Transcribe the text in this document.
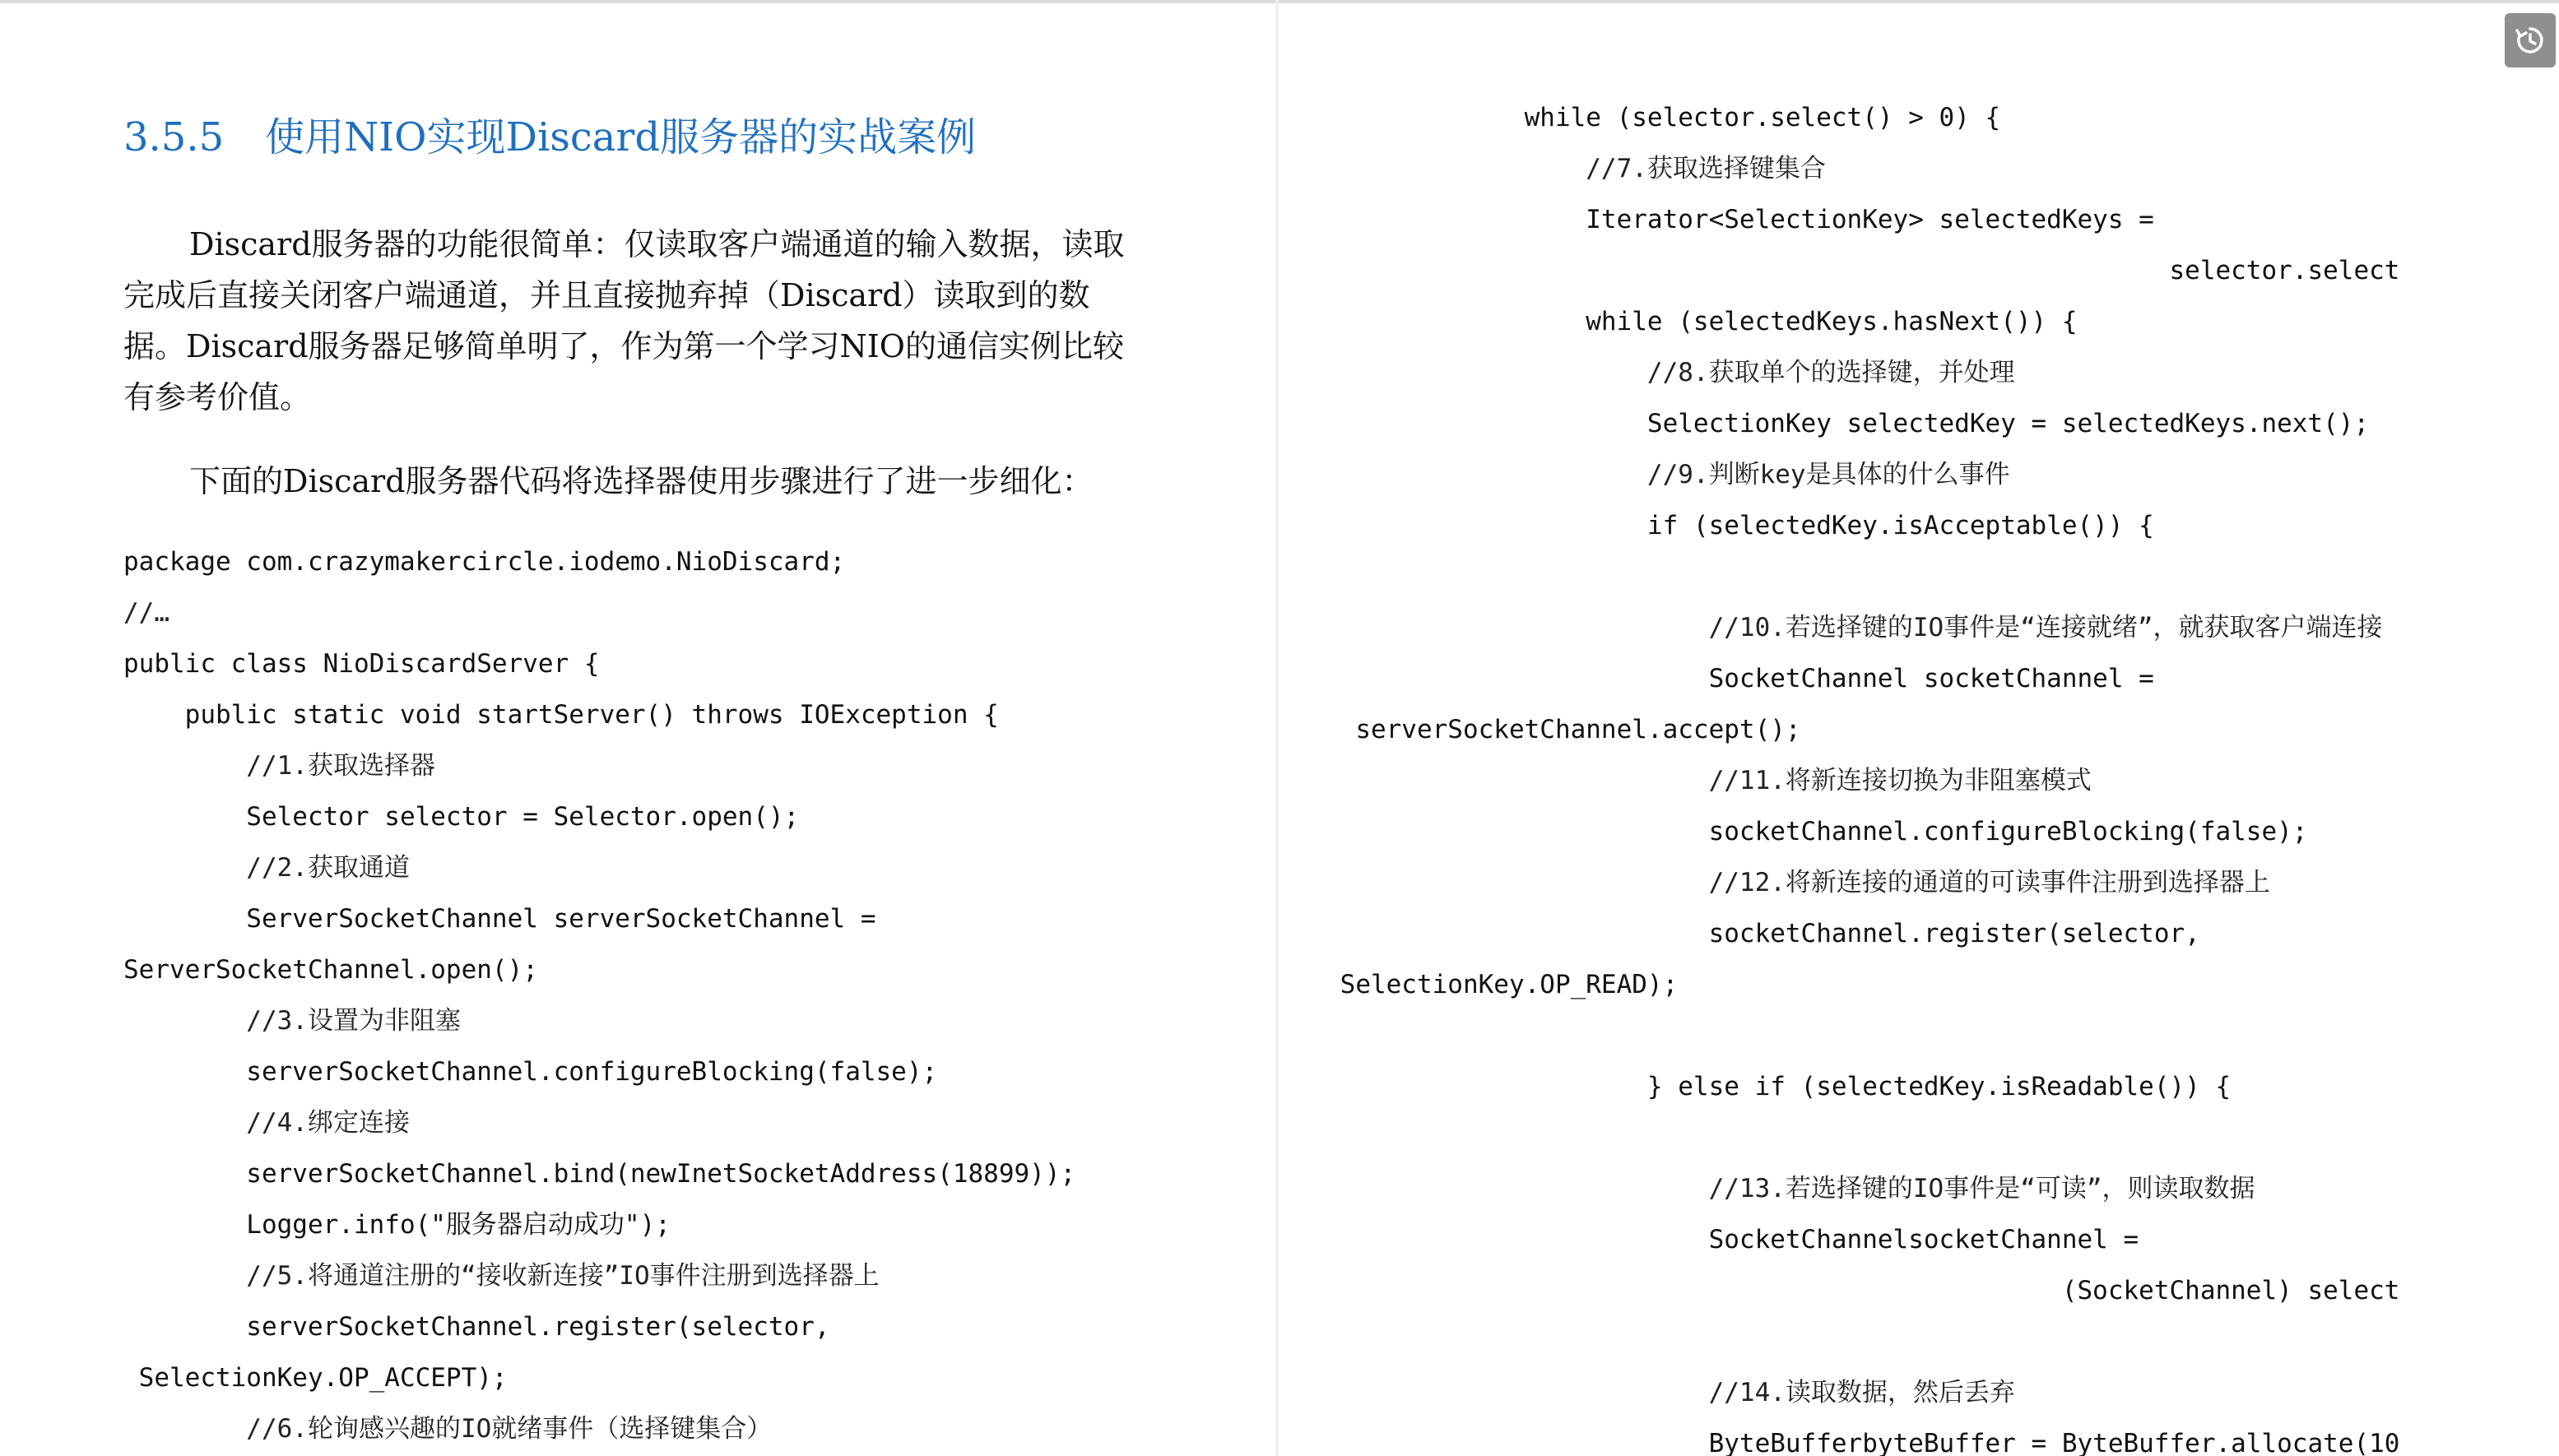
3.5.5 使用NIO实现Discard服务器的实战案例
Discard服务器的功能很简单：仅读取客户端通道的输入数据，读取
完成后直接关闭客户端通道，并且直接抛弃掉（Discard）读取到的数
据。Discard服务器足够简单明了，作为第一个学习NIO的通信实例比较
有参考价值。
下面的Discard服务器代码将选择器使用步骤进行了进一步细化：
package com.crazymakercircle.iodemo.NioDiscard;
//…
public class NioDiscardServer {
public static void startServer() throws IOException {
//1.获取选择器
Selector selector = Selector.open();
//2.获取通道
ServerSocketChannel serverSocketChannel =
ServerSocketChannel.open();
//3.设置为非阻塞
serverSocketChannel.configureBlocking(false);
//4.绑定连接
serverSocketChannel.bind(newInetSocketAddress(18899));
Logger.info("服务器启动成功");
//5.将通道注册的“接收新连接”IO事件注册到选择器上
serverSocketChannel.register(selector,
SelectionKey.OP_ACCEPT);
//6.轮询感兴趣的IO就绪事件（选择键集合）
while (selector.select() > 0) {
//7.获取选择键集合
Iterator<SelectionKey> selectedKeys =
selector.select
while (selectedKeys.hasNext()) {
//8.获取单个的选择键，并处理
SelectionKey selectedKey = selectedKeys.next();
//9.判断key是具体的什么事件
if (selectedKey.isAcceptable()) {
//10.若选择键的IO事件是“连接就绪”，就获取客户端连接
SocketChannel socketChannel =
serverSocketChannel.accept();
//11.将新连接切换为非阻塞模式
socketChannel.configureBlocking(false);
//12.将新连接的通道的可读事件注册到选择器上
socketChannel.register(selector,
SelectionKey.OP_READ);
} else if (selectedKey.isReadable()) {
//13.若选择键的IO事件是“可读”，则读取数据
SocketChannelsocketChannel =
(SocketChannel) select
//14.读取数据，然后丢弃
ByteBufferbyteBuffer = ByteBuffer.allocate(10
